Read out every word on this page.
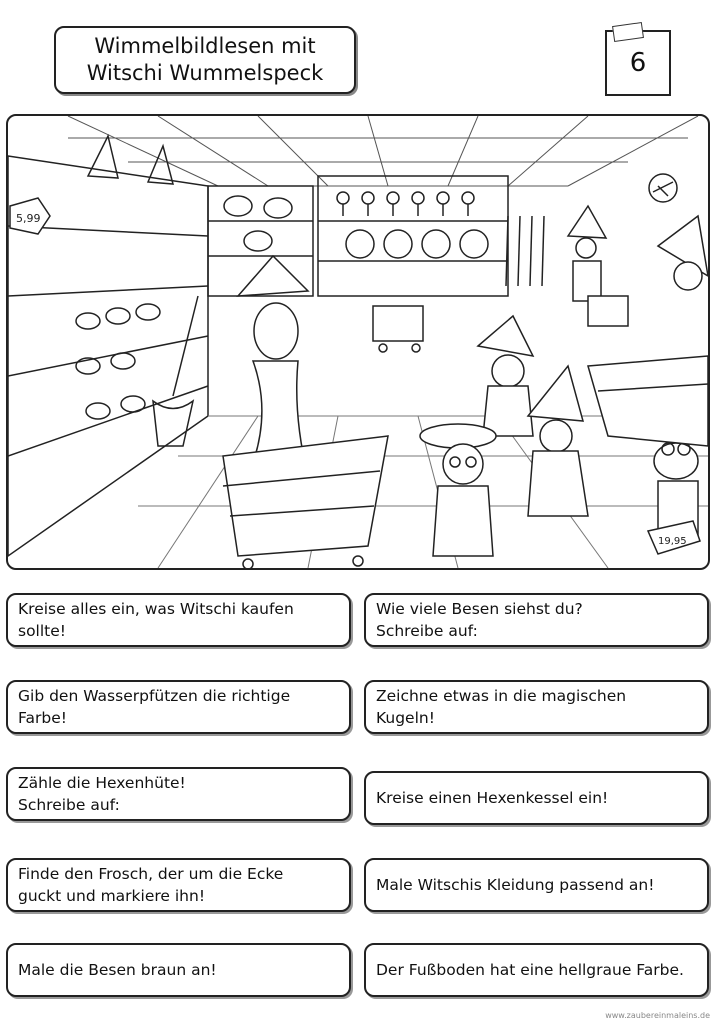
Wimmelbildlesen mit
Witschi Wummelspeck	6
5,99
19,95
Kreise alles ein, was Witschi kaufen
sollte!
Gib den Wasserpfützen die richtige
Farbe!
Zähle die Hexenhüte!
Schreibe auf:
Finde den Frosch, der um die Ecke
guckt und markiere ihn!
Male die Besen braun an!
Wie viele Besen siehst du?
Schreibe auf:
Zeichne etwas in die magischen
Kugeln!
Kreise einen Hexenkessel ein!
Male Witschis Kleidung passend an!
Der Fußboden hat eine hellgraue Farbe.
www.zaubereinmaleins.de
